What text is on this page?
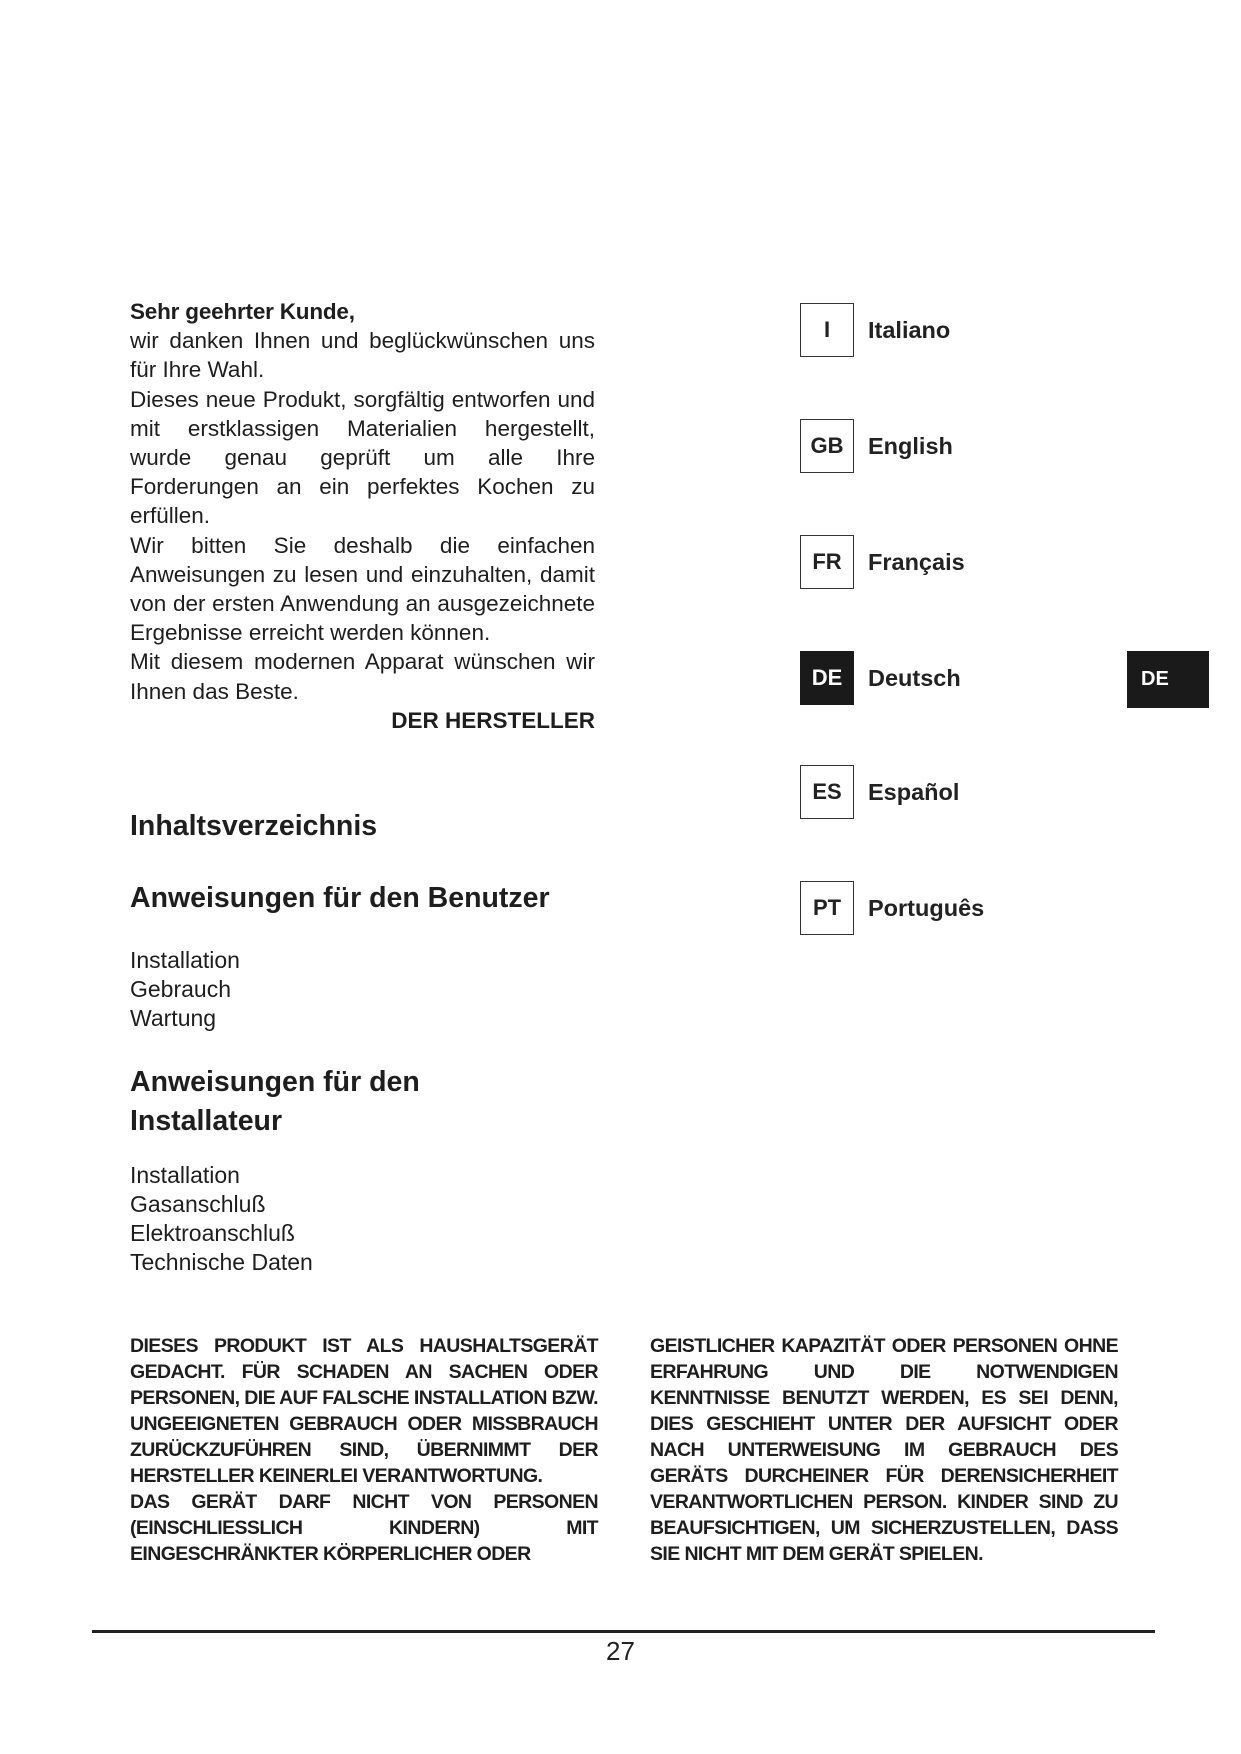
Sehr geehrter Kunde,

wir danken Ihnen und beglückwünschen uns für Ihre Wahl.

Dieses neue Produkt, sorgfältig entworfen und mit erstklassigen Materialien hergestellt, wurde genau geprüft um alle Ihre Forderungen an ein perfektes Kochen zu erfüllen.

Wir bitten Sie deshalb die einfachen Anweisungen zu lesen und einzuhalten, damit von der ersten Anwendung an ausgezeichnete Ergebnisse erreicht werden können.

Mit diesem modernen Apparat wünschen wir Ihnen das Beste.

DER HERSTELLER
Inhaltsverzeichnis
Anweisungen für den Benutzer
Installation
Gebrauch
Wartung
Anweisungen für den
Installateur
Installation
Gasanschluß
Elektroanschluß
Technische Daten
I	Italiano
GB	English
FR	Français
DE	Deutsch
ES	Español
PT	Português
DE

DIESES PRODUKT IST ALS HAUSHALTSGERÄT GEDACHT. FÜR SCHADEN AN SACHEN ODER PERSONEN, DIE AUF FALSCHE INSTALLATION BZW. UNGEEIGNETEN GEBRAUCH ODER MISSBRAUCH ZURÜCKZUFÜHREN SIND, ÜBERNIMMT DER HERSTELLER KEINERLEI VERANTWORTUNG.

DAS GERÄT DARF NICHT VON PERSONEN (EINSCHLIESSLICH KINDERN) MIT EINGESCHRÄNKTER KÖRPERLICHER ODER

GEISTLICHER KAPAZITÄT ODER PERSONEN OHNE ERFAHRUNG UND DIE NOTWENDIGEN KENNTNISSE BENUTZT WERDEN, ES SEI DENN, DIES GESCHIEHT UNTER DER AUFSICHT ODER NACH UNTERWEISUNG IM GEBRAUCH DES GERÄTS DURCHEINER FÜR DERENSICHERHEIT VERANTWORTLICHEN PERSON. KINDER SIND ZU BEAUFSICHTIGEN, UM SICHERZUSTELLEN, DASS SIE NICHT MIT DEM GERÄT SPIELEN.

27
